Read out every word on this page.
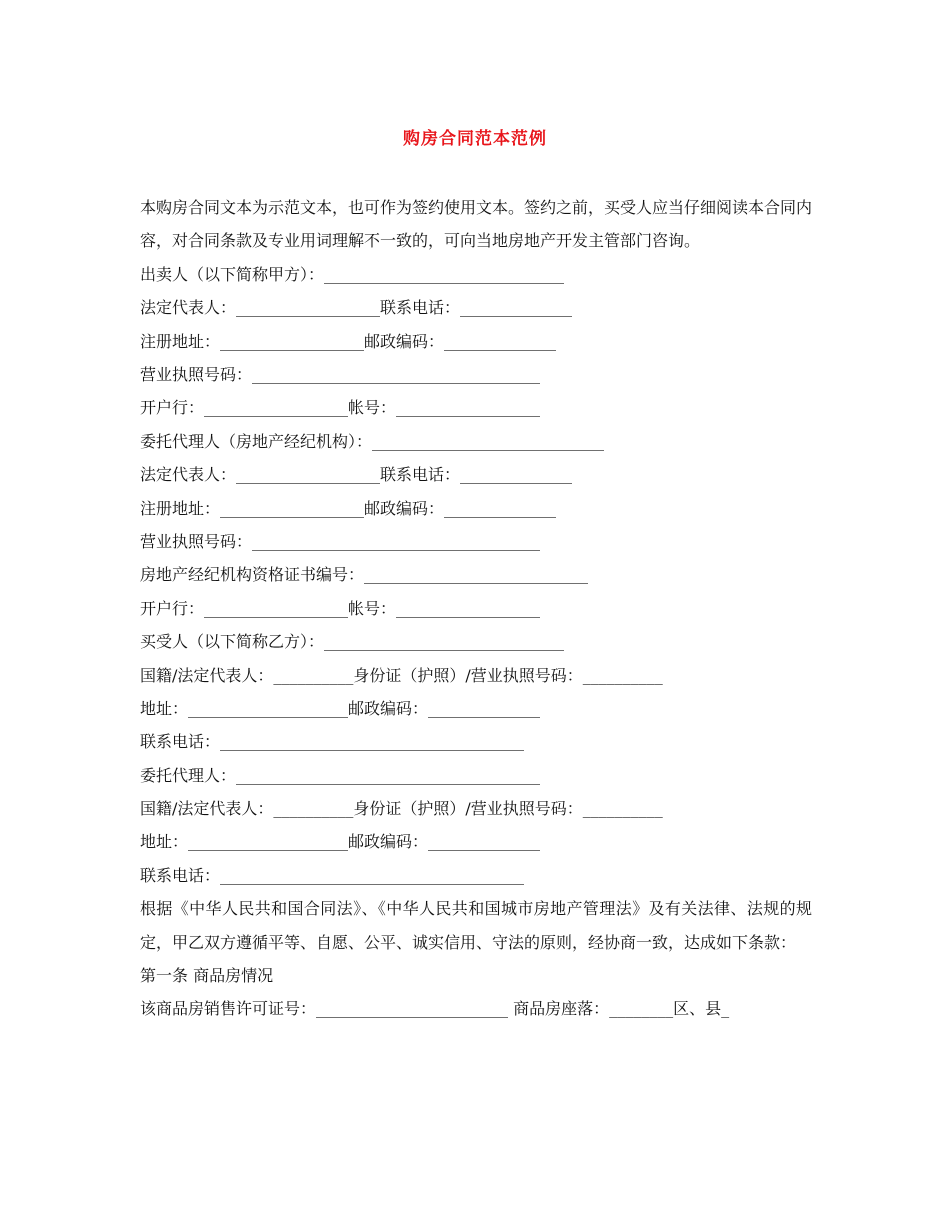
购房合同范本范例
本购房合同文本为示范文本，也可作为签约使用文本。签约之前，买受人应当仔细阅读本合同内容，对合同条款及专业用词理解不一致的，可向当地房地产开发主管部门咨询。
出卖人（以下简称甲方）：______________________________
法定代表人：__________________联系电话：______________
注册地址：__________________邮政编码：______________
营业执照号码：____________________________________
开户行：__________________帐号：__________________
委托代理人（房地产经纪机构）：_____________________________
法定代表人：__________________联系电话：______________
注册地址：__________________邮政编码：______________
营业执照号码：____________________________________
房地产经纪机构资格证书编号：____________________________
开户行：__________________帐号：__________________
买受人（以下简称乙方）：______________________________
国籍/法定代表人：__________身份证（护照）/营业执照号码：__________
地址：____________________邮政编码：______________
联系电话：______________________________________
委托代理人：______________________________________
国籍/法定代表人：__________身份证（护照）/营业执照号码：__________
地址：____________________邮政编码：______________
联系电话：______________________________________
根据《中华人民共和国合同法》、《中华人民共和国城市房地产管理法》及有关法律、法规的规定，甲乙双方遵循平等、自愿、公平、诚实信用、守法的原则，经协商一致，达成如下条款：
第一条 商品房情况
该商品房销售许可证号：________________________ 商品房座落：________区、县_
